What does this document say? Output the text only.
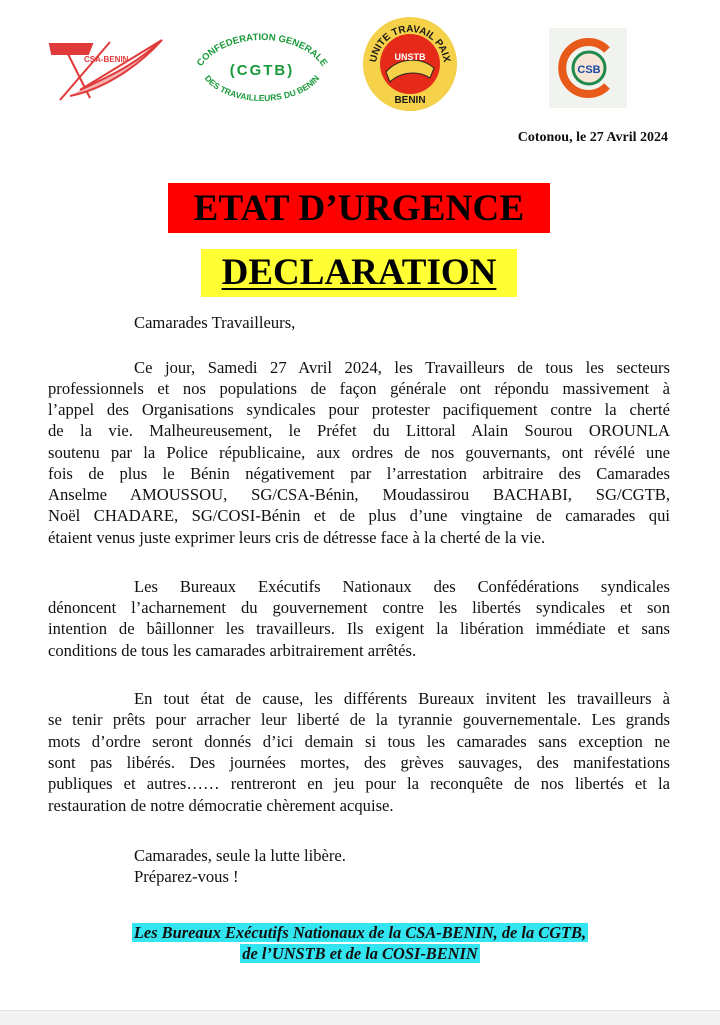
CSA-BENIN	CONFEDERATION GENERALE
DES TRAVAILLEURS DU BENIN
(CGTB)
UNITE TRAVAIL PAIX
UNSTB
BENIN
CSB
Cotonou, le 27 Avril 2024
ETAT D’URGENCE
DECLARATION
Camarades Travailleurs,
Ce jour, Samedi 27 Avril 2024, les Travailleurs de tous les secteurs
professionnels et nos populations de façon générale ont répondu massivement à
l’appel des Organisations syndicales pour protester pacifiquement contre la cherté
de la vie. Malheureusement, le Préfet du Littoral Alain Sourou OROUNLA
soutenu par la Police républicaine, aux ordres de nos gouvernants, ont révélé une
fois de plus le Bénin négativement par l’arrestation arbitraire des Camarades
Anselme AMOUSSOU, SG/CSA-Bénin, Moudassirou BACHABI, SG/CGTB,
Noël CHADARE, SG/COSI-Bénin et de plus d’une vingtaine de camarades qui
étaient venus juste exprimer leurs cris de détresse face à la cherté de la vie.
Les Bureaux Exécutifs Nationaux des Confédérations syndicales
dénoncent l’acharnement du gouvernement contre les libertés syndicales et son
intention de bâillonner les travailleurs. Ils exigent la libération immédiate et sans
conditions de tous les camarades arbitrairement arrêtés.
En tout état de cause, les différents Bureaux invitent les travailleurs à
se tenir prêts pour arracher leur liberté de la tyrannie gouvernementale. Les grands
mots d’ordre seront donnés d’ici demain si tous les camarades sans exception ne
sont pas libérés. Des journées mortes, des grèves sauvages, des manifestations
publiques et autres…… rentreront en jeu pour la reconquête de nos libertés et la
restauration de notre démocratie chèrement acquise.
Camarades, seule la lutte libère.
Préparez-vous !
Les Bureaux Exécutifs Nationaux de la CSA-BENIN, de la CGTB,
de l’UNSTB et de la COSI-BENIN
